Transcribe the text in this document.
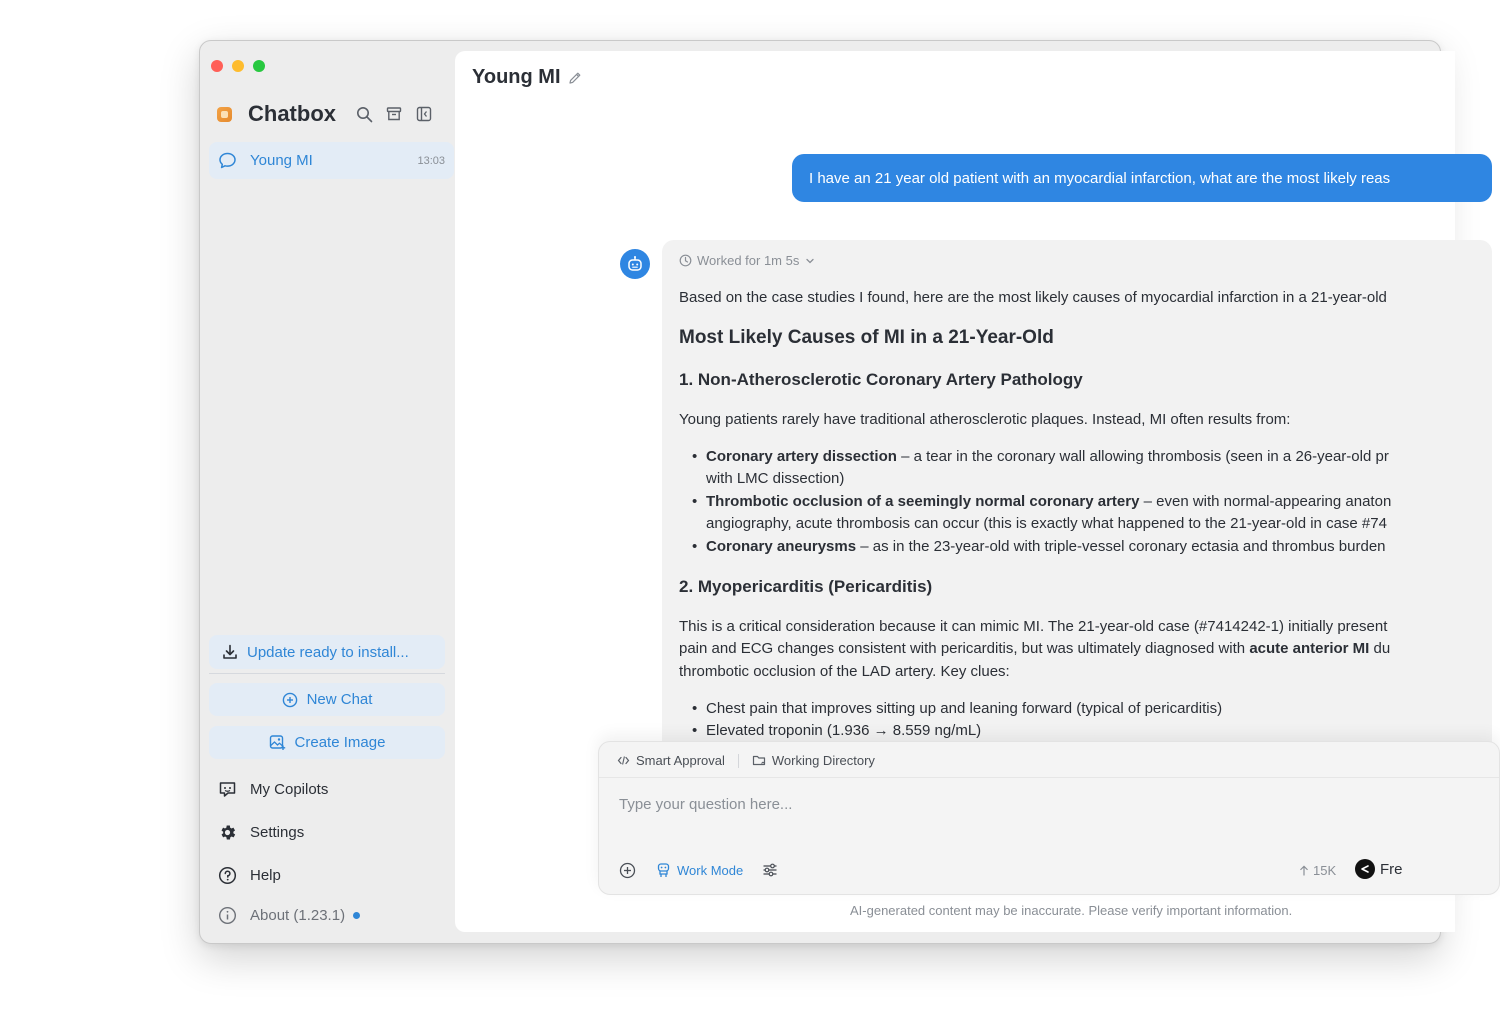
Chatbox
Young MI	13:03
Update ready to install...
New Chat
Create Image
My Copilots
Settings
Help
About (1.23.1)
Young MI
I have an 21 year old patient with an myocardial infarction, what are the most likely reas
Worked for 1m 5s
Based on the case studies I found, here are the most likely causes of myocardial infarction in a 21-year-old
Most Likely Causes of MI in a 21-Year-Old
1. Non-Atherosclerotic Coronary Artery Pathology
Young patients rarely have traditional atherosclerotic plaques. Instead, MI often results from:
• Coronary artery dissection – a tear in the coronary wall allowing thrombosis (seen in a 26-year-old pr
with LMC dissection)
• Thrombotic occlusion of a seemingly normal coronary artery – even with normal-appearing anaton
angiography, acute thrombosis can occur (this is exactly what happened to the 21-year-old in case #74
• Coronary aneurysms – as in the 23-year-old with triple-vessel coronary ectasia and thrombus burden
2. Myopericarditis (Pericarditis)
This is a critical consideration because it can mimic MI. The 21-year-old case (#7414242-1) initially present
pain and ECG changes consistent with pericarditis, but was ultimately diagnosed with acute anterior MI du
thrombotic occlusion of the LAD artery. Key clues:
• Chest pain that improves sitting up and leaning forward (typical of pericarditis)
• Elevated troponin (1.936 → 8.559 ng/mL)
Smart Approval	Working Directory
Type your question here...
Work Mode	15K	Fre
AI-generated content may be inaccurate. Please verify important information.
